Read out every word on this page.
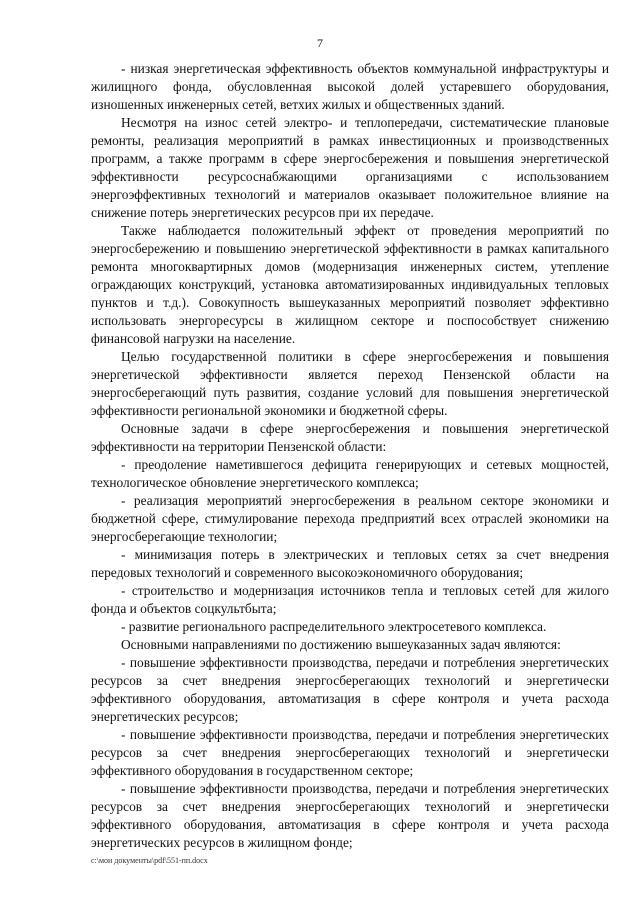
7

- низкая энергетическая эффективность объектов коммунальной инфраструктуры и жилищного фонда, обусловленная высокой долей устаревшего оборудования, изношенных инженерных сетей, ветхих жилых и общественных зданий.

Несмотря на износ сетей электро- и теплопередачи, систематические плановые ремонты, реализация мероприятий в рамках инвестиционных и производственных программ, а также программ в сфере энергосбережения и повышения энергетической эффективности ресурсоснабжающими организациями с использованием энергоэффективных технологий и материалов оказывает положительное влияние на снижение потерь энергетических ресурсов при их передаче.

Также наблюдается положительный эффект от проведения мероприятий по энергосбережению и повышению энергетической эффективности в рамках капитального ремонта многоквартирных домов (модернизация инженерных систем, утепление ограждающих конструкций, установка автоматизированных индивидуальных тепловых пунктов и т.д.). Совокупность вышеуказанных мероприятий позволяет эффективно использовать энергоресурсы в жилищном секторе и поспособствует снижению финансовой нагрузки на население.

Целью государственной политики в сфере энергосбережения и повышения энергетической эффективности является переход Пензенской области на энергосберегающий путь развития, создание условий для повышения энергетической эффективности региональной экономики и бюджетной сферы.

Основные задачи в сфере энергосбережения и повышения энергетической эффективности на территории Пензенской области:

- преодоление наметившегося дефицита генерирующих и сетевых мощностей, технологическое обновление энергетического комплекса;

- реализация мероприятий энергосбережения в реальном секторе экономики и бюджетной сфере, стимулирование перехода предприятий всех отраслей экономики на энергосберегающие технологии;

- минимизация потерь в электрических и тепловых сетях за счет внедрения передовых технологий и современного высокоэкономичного оборудования;

- строительство и модернизация источников тепла и тепловых сетей для жилого фонда и объектов соцкультбыта;

- развитие регионального распределительного электросетевого комплекса.

Основными направлениями по достижению вышеуказанных задач являются:

- повышение эффективности производства, передачи и потребления энергетических ресурсов за счет внедрения энергосберегающих технологий и энергетически эффективного оборудования, автоматизация в сфере контроля и учета расхода энергетических ресурсов;

- повышение эффективности производства, передачи и потребления энергетических ресурсов за счет внедрения энергосберегающих технологий и энергетически эффективного оборудования в государственном секторе;

- повышение эффективности производства, передачи и потребления энергетических ресурсов за счет внедрения энергосберегающих технологий и энергетически эффективного оборудования, автоматизация в сфере контроля и учета расхода энергетических ресурсов в жилищном фонде;

c:\мои документы\pdf\551-пп.docx
